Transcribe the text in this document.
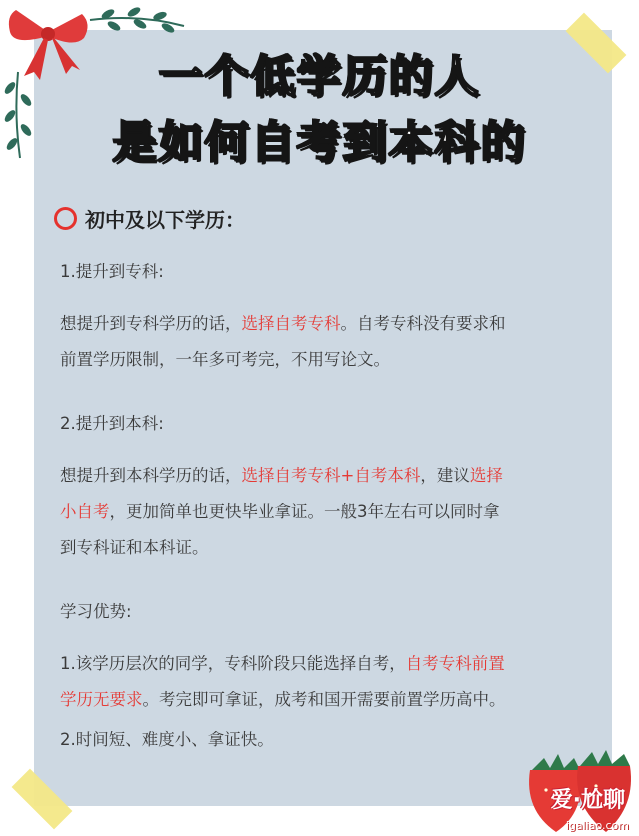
一个低学历的人
是如何自考到本科的
初中及以下学历：
1.提升到专科:
想提升到专科学历的话，选择自考专科。自考专科没有要求和
前置学历限制，一年多可考完，不用写论文。
2.提升到本科:
想提升到本科学历的话，选择自考专科+自考本科，建议选择
小自考，更加简单也更快毕业拿证。一般3年左右可以同时拿
到专科证和本科证。
学习优势:
1.该学历层次的同学，专科阶段只能选择自考，自考专科前置
学历无要求。考完即可拿证，成考和国开需要前置学历高中。
2.时间短、难度小、拿证快。
爱·尬聊
igaliao.com
